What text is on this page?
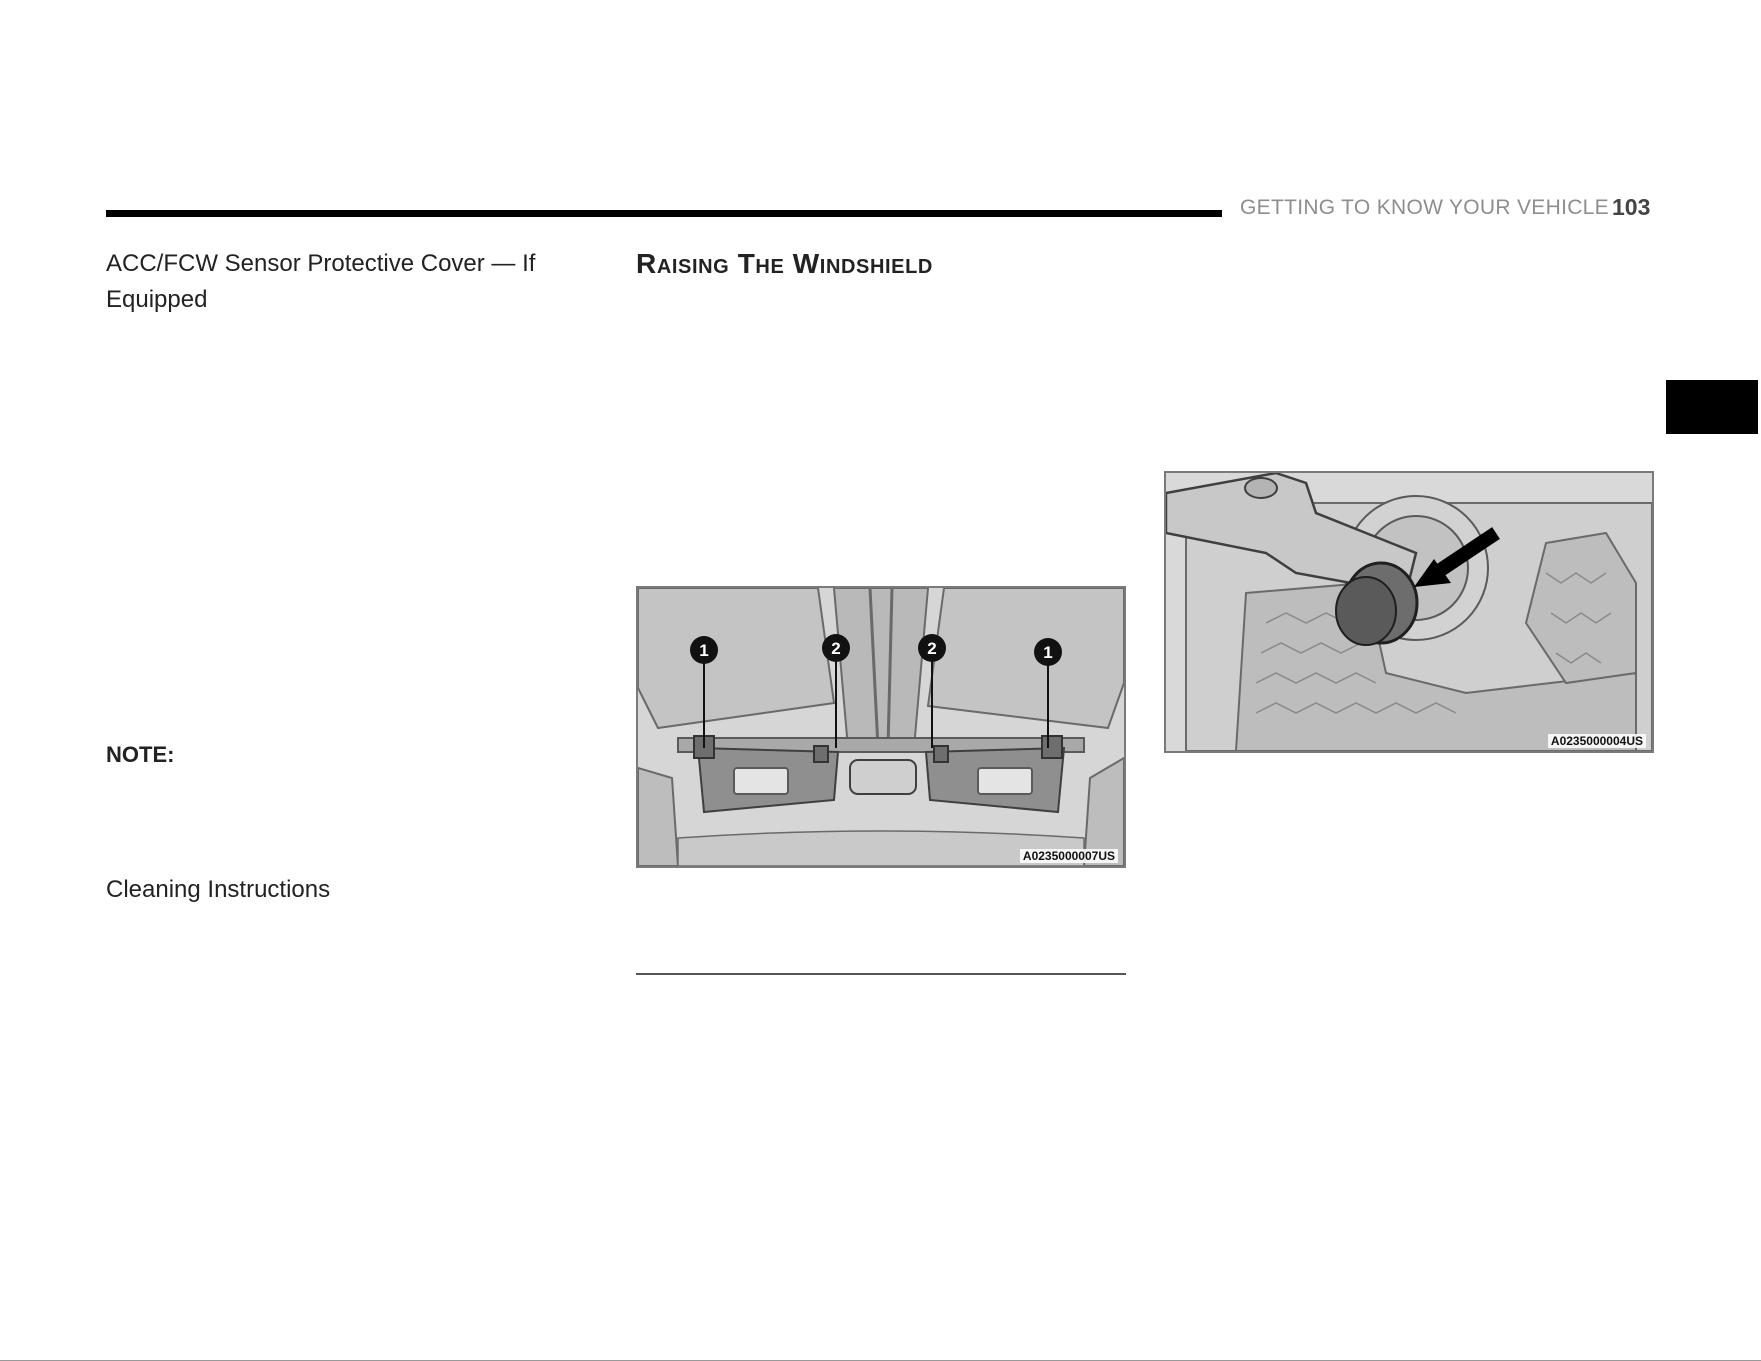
GETTING TO KNOW YOUR VEHICLE 103
ACC/FCW Sensor Protective Cover — If Equipped
NOTE:
Cleaning Instructions
Raising The Windshield
1	2	2	1
A0235000007US
A0235000004US
